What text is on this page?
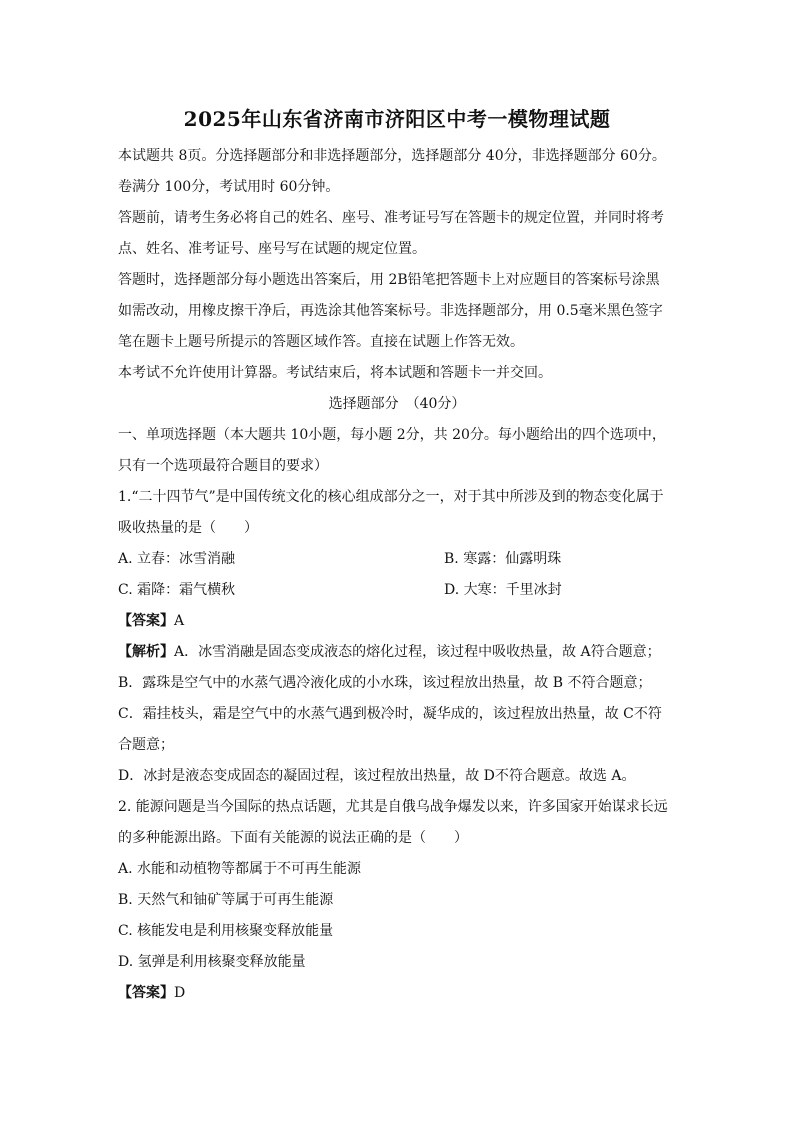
2025年山东省济南市济阳区中考一模物理试题
本试题共 8页。分选择题部分和非选择题部分，选择题部分 40分，非选择题部分 60分。
卷满分 100分，考试用时 60分钟。
答题前，请考生务必将自己的姓名、座号、准考证号写在答题卡的规定位置，并同时将考
点、姓名、准考证号、座号写在试题的规定位置。
答题时，选择题部分每小题选出答案后，用 2B铅笔把答题卡上对应题目的答案标号涂黑
如需改动，用橡皮擦干净后，再选涂其他答案标号。非选择题部分，用 0.5毫米黑色签字
笔在题卡上题号所提示的答题区域作答。直接在试题上作答无效。
本考试不允许使用计算器。考试结束后，将本试题和答题卡一并交回。
选择题部分　（40分）
一、单项选择题（本大题共 10小题，每小题 2分，共 20分。每小题给出的四个选项中，
只有一个选项最符合题目的要求）
1.“二十四节气”是中国传统文化的核心组成部分之一，对于其中所涉及到的物态变化属于
吸收热量的是（　　）
A. 立春：冰雪消融	B. 寒露：仙露明珠
C. 霜降：霜气横秋	D. 大寒：千里冰封
【答案】A
【解析】A．冰雪消融是固态变成液态的熔化过程，该过程中吸收热量，故 A符合题意；
B．露珠是空气中的水蒸气遇冷液化成的小水珠，该过程放出热量，故 B 不符合题意；
C．霜挂枝头，霜是空气中的水蒸气遇到极冷时，凝华成的，该过程放出热量，故 C不符
合题意；
D．冰封是液态变成固态的凝固过程，该过程放出热量，故 D不符合题意。故选 A。
2. 能源问题是当今国际的热点话题，尤其是自俄乌战争爆发以来，许多国家开始谋求长远
的多种能源出路。下面有关能源的说法正确的是（　　）
A. 水能和动植物等都属于不可再生能源
B. 天然气和铀矿等属于可再生能源
C. 核能发电是利用核聚变释放能量
D. 氢弹是利用核聚变释放能量
【答案】D
